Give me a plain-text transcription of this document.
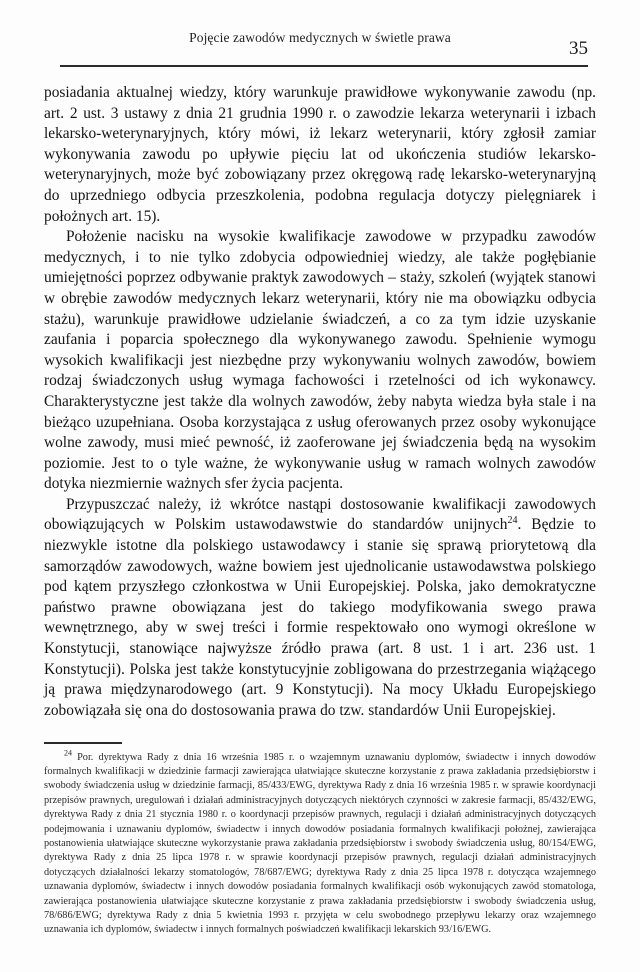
Pojęcie zawodów medycznych w świetle prawa
35

posiadania aktualnej wiedzy, który warunkuje prawidłowe wykonywanie zawodu (np. art. 2 ust. 3 ustawy z dnia 21 grudnia 1990 r. o zawodzie lekarza weterynarii i izbach lekarsko-weterynaryjnych, który mówi, iż lekarz weterynarii, który zgłosił zamiar wykonywania zawodu po upływie pięciu lat od ukończenia studiów lekarsko-weterynaryjnych, może być zobowiązany przez okręgową radę lekarsko-weterynaryjną do uprzedniego odbycia przeszkolenia, podobna regulacja dotyczy pielęgniarek i położnych art. 15).

Położenie nacisku na wysokie kwalifikacje zawodowe w przypadku zawodów medycznych, i to nie tylko zdobycia odpowiedniej wiedzy, ale także pogłębianie umiejętności poprzez odbywanie praktyk zawodowych – staży, szkoleń (wyjątek stanowi w obrębie zawodów medycznych lekarz weterynarii, który nie ma obowiązku odbycia stażu), warunkuje prawidłowe udzielanie świadczeń, a co za tym idzie uzyskanie zaufania i poparcia społecznego dla wykonywanego zawodu. Spełnienie wymogu wysokich kwalifikacji jest niezbędne przy wykonywaniu wolnych zawodów, bowiem rodzaj świadczonych usług wymaga fachowości i rzetelności od ich wykonawcy. Charakterystyczne jest także dla wolnych zawodów, żeby nabyta wiedza była stale i na bieżąco uzupełniana. Osoba korzystająca z usług oferowanych przez osoby wykonujące wolne zawody, musi mieć pewność, iż zaoferowane jej świadczenia będą na wysokim poziomie. Jest to o tyle ważne, że wykonywanie usług w ramach wolnych zawodów dotyka niezmiernie ważnych sfer życia pacjenta.

Przypuszczać należy, iż wkrótce nastąpi dostosowanie kwalifikacji zawodowych obowiązujących w Polskim ustawodawstwie do standardów unijnych$^{24}$. Będzie to niezwykle istotne dla polskiego ustawodawcy i stanie się sprawą priorytetową dla samorządów zawodowych, ważne bowiem jest ujednolicanie ustawodawstwa polskiego pod kątem przyszłego członkostwa w Unii Europejskiej. Polska, jako demokratyczne państwo prawne obowiązana jest do takiego modyfikowania swego prawa wewnętrznego, aby w swej treści i formie respektowało ono wymogi określone w Konstytucji, stanowiące najwyższe źródło prawa (art. 8 ust. 1 i art. 236 ust. 1 Konstytucji). Polska jest także konstytucyjnie zobligowana do przestrzegania wiążącego ją prawa międzynarodowego (art. 9 Konstytucji). Na mocy Układu Europejskiego zobowiązała się ona do dostosowania prawa do tzw. standardów Unii Europejskiej.

$^{24}$ Por. dyrektywa Rady z dnia 16 września 1985 r. o wzajemnym uznawaniu dyplomów, świadectw i innych dowodów formalnych kwalifikacji w dziedzinie farmacji zawierająca ułatwiające skuteczne korzystanie z prawa zakładania przedsiębiorstw i swobody świadczenia usług w dziedzinie farmacji, 85/433/EWG, dyrektywa Rady z dnia 16 września 1985 r. w sprawie koordynacji przepisów prawnych, uregulowań i działań administracyjnych dotyczących niektórych czynności w zakresie farmacji, 85/432/EWG, dyrektywa Rady z dnia 21 stycznia 1980 r. o koordynacji przepisów prawnych, regulacji i działań administracyjnych dotyczących podejmowania i uznawaniu dyplomów, świadectw i innych dowodów posiadania formalnych kwalifikacji położnej, zawierająca postanowienia ułatwiające skuteczne wykorzystanie prawa zakładania przedsiębiorstw i swobody świadczenia usług, 80/154/EWG, dyrektywa Rady z dnia 25 lipca 1978 r. w sprawie koordynacji przepisów prawnych, regulacji działań administracyjnych dotyczących działalności lekarzy stomatologów, 78/687/EWG; dyrektywa Rady z dnia 25 lipca 1978 r. dotycząca wzajemnego uznawania dyplomów, świadectw i innych dowodów posiadania formalnych kwalifikacji osób wykonujących zawód stomatologa, zawierająca postanowienia ułatwiające skuteczne korzystanie z prawa zakładania przedsiębiorstw i swobody świadczenia usług, 78/686/EWG; dyrektywa Rady z dnia 5 kwietnia 1993 r. przyjęta w celu swobodnego przepływu lekarzy oraz wzajemnego uznawania ich dyplomów, świadectw i innych formalnych poświadczeń kwalifikacji lekarskich 93/16/EWG.
